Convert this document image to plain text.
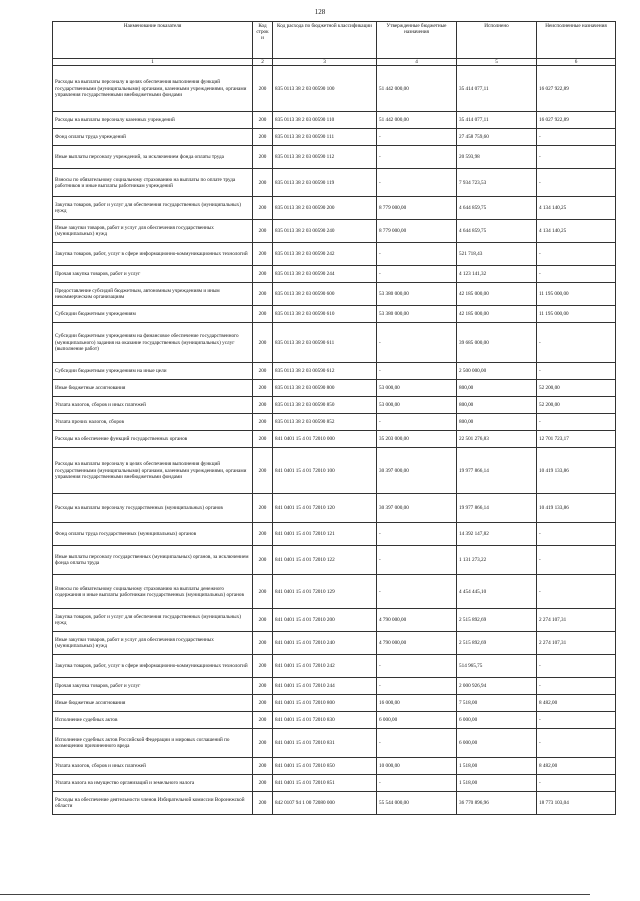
128
Наименование показателя	Код строки	Код расхода по бюджетной классификации	Утвержденные бюджетные назначения	Исполнено	Неисполненные назначения
1	2	3	4	5	6
Расходы на выплаты персоналу в целях обеспечения выполнения функций государственными (муниципальными) органами, казенными учреждениями, органами управления государственными внебюджетными фондами	200	835 0113 38 2 03 00590 100	51 442 000,00	35 414 077,11	16 027 922,89
Расходы на выплаты персоналу казенных учреждений	200	835 0113 38 2 03 00590 110	51 442 000,00	35 414 077,11	16 027 922,89
Фонд оплаты труда учреждений	200	835 0113 38 2 03 00590 111	-	27 458 759,60	-
Иные выплаты персоналу учреждений, за исключением фонда оплаты труда	200	835 0113 38 2 03 00590 112	-	20 593,98	-
Взносы по обязательному социальному страхованию на выплаты по оплате труда работников и иные выплаты работникам учреждений	200	835 0113 38 2 03 00590 119	-	7 934 723,53	-
Закупка товаров, работ и услуг для обеспечения государственных (муниципальных) нужд	200	835 0113 38 2 03 00590 200	8 779 000,00	4 644 859,75	4 134 140,25
Иные закупки товаров, работ и услуг для обеспечения государственных (муниципальных) нужд	200	835 0113 38 2 03 00590 240	8 779 000,00	4 644 859,75	4 134 140,25
Закупка товаров, работ, услуг в сфере информационно-коммуникационных технологий	200	835 0113 38 2 03 00590 242	-	521 718,43	-
Прочая закупка товаров, работ и услуг	200	835 0113 38 2 03 00590 244	-	4 123 141,32	-
Предоставление субсидий бюджетным, автономным учреждениям и иным некоммерческим организациям	200	835 0113 38 2 03 00590 600	53 380 000,00	42 185 000,00	11 195 000,00
Субсидии бюджетным учреждениям	200	835 0113 38 2 03 00590 610	53 380 000,00	42 185 000,00	11 195 000,00
Субсидии бюджетным учреждениям на финансовое обеспечение государственного (муниципального) задания на оказание государственных (муниципальных) услуг (выполнение работ)	200	835 0113 38 2 03 00590 611	-	39 685 000,00	-
Субсидии бюджетным учреждениям на иные цели	200	835 0113 38 2 03 00590 612	-	2 500 000,00	-
Иные бюджетные ассигнования	200	835 0113 38 2 03 00590 800	53 000,00	800,00	52 200,00
Уплата налогов, сборов и иных платежей	200	835 0113 38 2 03 00590 850	53 000,00	800,00	52 200,00
Уплата прочих налогов, сборов	200	835 0113 38 2 03 00590 852	-	800,00	-
Расходы на обеспечение функций государственных органов	200	841 0401 15 4 01 72010 000	35 203 000,00	22 501 276,83	12 701 723,17
Расходы на выплаты персоналу в целях обеспечения выполнения функций государственными (муниципальными) органами, казенными учреждениями, органами управления государственными внебюджетными фондами	200	841 0401 15 4 01 72010 100	30 397 000,00	19 977 866,14	10 419 133,86
Расходы на выплаты персоналу государственных (муниципальных) органов	200	841 0401 15 4 01 72010 120	30 397 000,00	19 977 866,14	10 419 133,86
Фонд оплаты труда государственных (муниципальных) органов	200	841 0401 15 4 01 72010 121	-	14 392 147,82	-
Иные выплаты персоналу государственных (муниципальных) органов, за исключением фонда оплаты труда	200	841 0401 15 4 01 72010 122	-	1 131 273,22	-
Взносы по обязательному социальному страхованию на выплаты денежного содержания и иные выплаты работникам государственных (муниципальных) органов	200	841 0401 15 4 01 72010 129	-	4 454 445,10	-
Закупка товаров, работ и услуг для обеспечения государственных (муниципальных) нужд	200	841 0401 15 4 01 72010 200	4 790 000,00	2 515 892,69	2 274 107,31
Иные закупки товаров, работ и услуг для обеспечения государственных (муниципальных) нужд	200	841 0401 15 4 01 72010 240	4 790 000,00	2 515 892,69	2 274 107,31
Закупка товаров, работ, услуг в сфере информационно-коммуникационных технологий	200	841 0401 15 4 01 72010 242	-	514 965,75	-
Прочая закупка товаров, работ и услуг	200	841 0401 15 4 01 72010 244	-	2 000 926,94	-
Иные бюджетные ассигнования	200	841 0401 15 4 01 72010 800	16 000,00	7 518,00	8 482,00
Исполнение судебных актов	200	841 0401 15 4 01 72010 830	6 000,00	6 000,00	-
Исполнение судебных актов Российской Федерации и мировых соглашений по возмещению причиненного вреда	200	841 0401 15 4 01 72010 831	-	6 000,00	-
Уплата налогов, сборов и иных платежей	200	841 0401 15 4 01 72010 850	10 000,00	1 518,00	8 482,00
Уплата налога на имущество организаций и земельного налога	200	841 0401 15 4 01 72010 851	-	1 518,00	-
Расходы на обеспечение деятельности членов Избирательной комиссии Воронежской области	200	842 0107 94 1 00 72080 000	55 544 000,00	36 770 896,96	18 773 103,04
